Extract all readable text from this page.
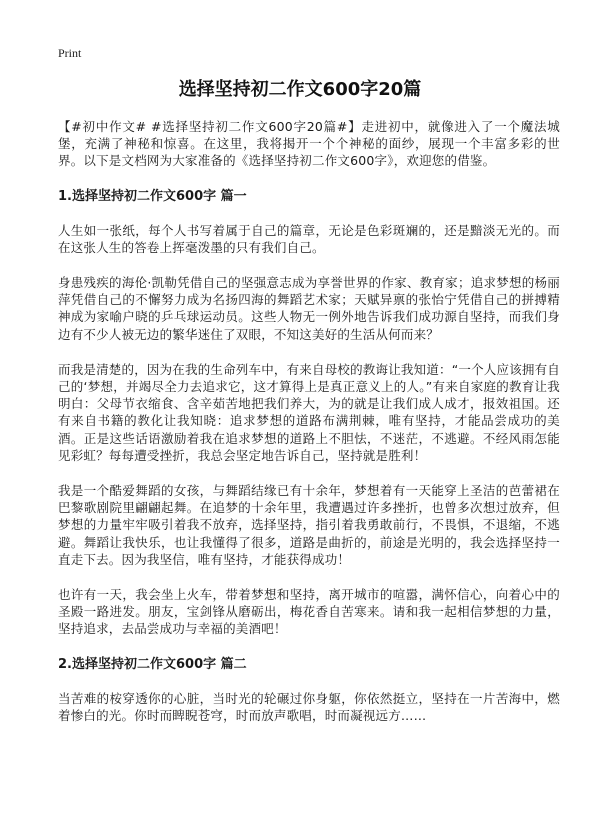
Print
选择坚持初二作文600字20篇

【#初中作文# #选择坚持初二作文600字20篇#】走进初中，就像进入了一个魔法城堡，充满了神秘和惊喜。在这里，我将揭开一个个神秘的面纱，展现一个丰富多彩的世界。以下是文档网为大家准备的《选择坚持初二作文600字》，欢迎您的借鉴。

1.选择坚持初二作文600字 篇一

人生如一张纸，每个人书写着属于自己的篇章，无论是色彩斑斓的，还是黯淡无光的。而在这张人生的答卷上挥毫泼墨的只有我们自己。

身患残疾的海伦·凯勒凭借自己的坚强意志成为享誉世界的作家、教育家；追求梦想的杨丽萍凭借自己的不懈努力成为名扬四海的舞蹈艺术家；天赋异禀的张怡宁凭借自己的拼搏精神成为家喻户晓的乒乓球运动员。这些人物无一例外地告诉我们成功源自坚持，而我们身边有不少人被无边的繁华迷住了双眼，不知这美好的生活从何而来？

而我是清楚的，因为在我的生命列车中，有来自母校的教诲让我知道：“一个人应该拥有自己的‘梦想，并竭尽全力去追求它，这才算得上是真正意义上的人。”有来自家庭的教育让我明白：父母节衣缩食、含辛茹苦地把我们养大，为的就是让我们成人成才，报效祖国。还有来自书籍的教化让我知晓：追求梦想的道路布满荆棘，唯有坚持，才能品尝成功的美酒。正是这些话语激励着我在追求梦想的道路上不胆怯，不迷茫，不逃避。不经风雨怎能见彩虹？每每遭受挫折，我总会坚定地告诉自己，坚持就是胜利！

我是一个酷爱舞蹈的女孩，与舞蹈结缘已有十余年，梦想着有一天能穿上圣洁的芭蕾裙在巴黎歌剧院里翩翩起舞。在追梦的十余年里，我遭遇过许多挫折，也曾多次想过放弃，但梦想的力量牢牢吸引着我不放弃，选择坚持，指引着我勇敢前行，不畏惧，不退缩，不逃避。舞蹈让我快乐，也让我懂得了很多，道路是曲折的，前途是光明的，我会选择坚持一直走下去。因为我坚信，唯有坚持，才能获得成功！

也许有一天，我会坐上火车，带着梦想和坚持，离开城市的喧嚣，满怀信心，向着心中的圣殿一路进发。朋友，宝剑锋从磨砺出，梅花香自苦寒来。请和我一起相信梦想的力量，坚持追求，去品尝成功与幸福的美酒吧！

2.选择坚持初二作文600字 篇二

当苦难的桉穿透你的心脏，当时光的轮碾过你身躯，你依然挺立，坚持在一片苦海中，燃着惨白的光。你时而睥睨苍穹，时而放声歌唱，时而凝视远方……
